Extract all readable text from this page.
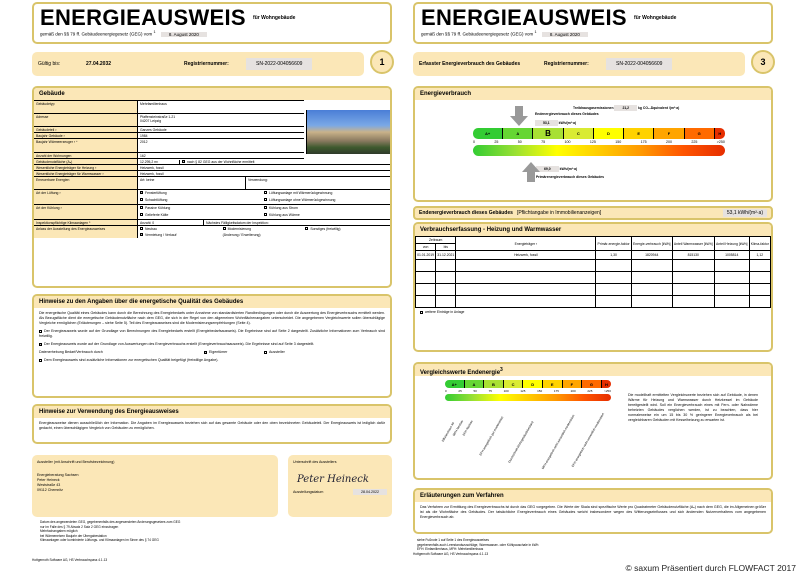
ENERGIEAUSWEIS für Wohngebäude
gemäß den §§ 79 ff. Gebäudeenergiegesetz (GEG) vom $^1$	8. August 2020
Gültig bis:	27.04.2032	Registriernummer:	SN-2022-004056609	1
Gebäude
Gebäudetyp	Mehrfamilienhaus
Adresse	Pfaffensteinstraße 1-21
04207 Leipzig
Gebäudeteil ²	Ganzes Gebäude
Baujahr Gebäude ³	1984
Baujahr Wärmeerzeuger ³ ⁴	2012
Anzahl der Wohnungen	162
Gebäudenutzfläche (Aₙ)	12.295,2 m²	nach § 82 GEG aus der Wohnfläche ermittelt
Wesentliche Energieträger für Heizung ³	Heizwerk, fossil
Wesentliche Energieträger für Warmwasser ³	Heizwerk, fossil
Erneuerbare Energien	Art: keine	Verwendung:
Art der Lüftung ³	Fensterlüftung	Lüftungsanlage mit Wärmerückgewinnung
Schachtlüftung	Lüftungsanlage ohne Wärmerückgewinnung
Art der Kühlung ³	Passive Kühlung	Kühlung aus Strom
Gelieferte Kälte	Kühlung aus Wärme
Inspektionspflichtige Klimaanlagen ⁵	Anzahl: 0	Nächstes Fälligkeitsdatum der Inspektion:
Anlass der Ausstellung des Energieausweises	Neubau	Modernisierung	Sonstiges (freiwillig)
Vermietung / Verkauf	(Änderung / Erweiterung)
Hinweise zu den Angaben über die energetische Qualität des Gebäudes
Die energetische Qualität eines Gebäudes kann durch die Berechnung des Energiebedarfs unter Annahme von standardisierten Randbedingungen oder durch die Auswertung des Energieverbrauchs ermittelt werden. Als Bezugsfläche dient die energetische Gebäudenutzfläche nach dem GEG, die sich in der Regel von den allgemeinen Wohnflächenangaben unterscheidet. Die angegebenen Vergleichswerte sollen überschlägige Vergleiche ermöglichen (Erläuterungen – siehe Seite 5). Teil des Energieausweises sind die Modernisierungsempfehlungen (Seite 4).
Der Energieausweis wurde auf der Grundlage von Berechnungen des Energiebedarfs erstellt (Energiebedarfsausweis). Die Ergebnisse sind auf Seite 2 dargestellt. Zusätzliche Informationen zum Verbrauch sind freiwillig.
Der Energieausweis wurde auf der Grundlage von Auswertungen des Energieverbrauchs erstellt (Energieverbrauchsausweis). Die Ergebnisse sind auf Seite 3 dargestellt.
Datenerhebung Bedarf/Verbrauch durch	Eigentümer	Aussteller
Dem Energieausweis sind zusätzliche Informationen zur energetischen Qualität beigefügt (freiwillige Angabe).
Hinweise zur Verwendung des Energieausweises
Energieausweise dienen ausschließlich der Information. Die Angaben im Energieausweis beziehen sich auf das gesamte Gebäude oder den oben bezeichneten Gebäudeteil. Der Energieausweis ist lediglich dafür gedacht, einen überschlägigen Vergleich von Gebäuden zu ermöglichen.
Aussteller (mit Anschrift und Berufsbezeichnung)
Energieberatung Sachsen
Peter Heineck
Weststraße 43
09112 Chemnitz
Unterschrift des Ausstellers
Peter Heineck
Ausstellungsdatum	28.04.2022
Datum des angewendeten GEG, gegebenenfalls des angewendeten Änderungsgesetzes zum GEG
nur im Falle des § 79 Absatz 2 Satz 2 GEG einzutragen
Mehrfachangaben möglich
bei Wärmenetzen Baujahr der Übergabestation
Klimaanlagen oder kombinierte Lüftungs- und Klimaanlagen im Sinne des § 74 GEG
Hottgenroth Software AG, HS Verbrauchspass 4.1.13
ENERGIEAUSWEIS für Wohngebäude
gemäß den §§ 79 ff. Gebäudeenergiegesetz (GEG) vom $^1$	8. August 2020
Erfasster Energieverbrauch des Gebäudes	Registriernummer:	SN-2022-004056609	3
Energieverbrauch
Treibhausgasemissionen	21,2	kg CO₂-Äquivalent /(m²·a)
Endenergieverbrauch dieses Gebäudes
53,1	kWh/(m²·a)
A+	A	B	C	D	E	F	G	H
0	25	50	75	100	125	150	175	200	225	>250
69,0	kWh/(m²·a)
Primärenergieverbrauch dieses Gebäudes
Endenergieverbrauch dieses Gebäudes [Pflichtangabe in Immobilienanzeigen]	53,1 kWh/(m²·a)
Verbrauchserfassung - Heizung und Warmwasser
Zeitraum		Energieträger ³	Primär-energie-faktor	Energie-verbrauch [kWh]	Anteil Warmwasser [kWh]	Anteil Heizung [kWh]	Klima-faktor
von	bis						
01.01.2019	31.12.2021	Heizwerk, fossil	1,30	1820944	815130	1005814	1,12

weitere Einträge in Anlage
Vergleichswerte Endenergie$^3$
A+	A	B	C	D	E	F	G	H
0	25	50	75	100	125	150	175	200	225	>250
Effizienzhaus 40
MFH Neubau
EFH Neubau EFH energetisch gut modernisiert Durchschnitt Wohngebäudebestand MFH energetisch nicht wesentlich modernisiert
EFH energetisch nicht wesentlich modernisiert
Die modellhaft ermittelten Vergleichswerte beziehen sich auf Gebäude, in denen Wärme für Heizung und Warmwasser durch Heizkessel im Gebäude bereitgestellt wird. Soll ein Energieverbrauch eines mit Fern- oder Nahwärme beheizten Gebäudes verglichen werden, ist zu beachten, dass hier normalerweise ein um 15 bis 30 % geringerer Energieverbrauch als bei vergleichbaren Gebäuden mit Kesselheizung zu erwarten ist.
Erläuterungen zum Verfahren
Das Verfahren zur Ermittlung des Energieverbrauchs ist durch das GEG vorgegeben. Die Werte der Skala sind spezifische Werte pro Quadratmeter Gebäudenutzfläche (Aₙ) nach dem GEG, die im Allgemeinen größer ist als die Wohnfläche des Gebäudes. Der tatsächliche Energieverbrauch eines Gebäudes weicht insbesondere wegen des Witterungseinflusses und sich ändernden Nutzerverhaltens vom angegebenen Energieverbrauch ab.
siehe Fußnote 1 auf Seite 1 des Energieausweises
gegebenenfalls auch Leerstandszuschläge, Warmwasser- oder Kühlpauschale in kWh
EFH: Einfamilienhaus, MFH: Mehrfamilienhaus
Hottgenroth Software AG, HS Verbrauchspass 4.1.13
© saxum Präsentiert durch FLOWFACT 2017
